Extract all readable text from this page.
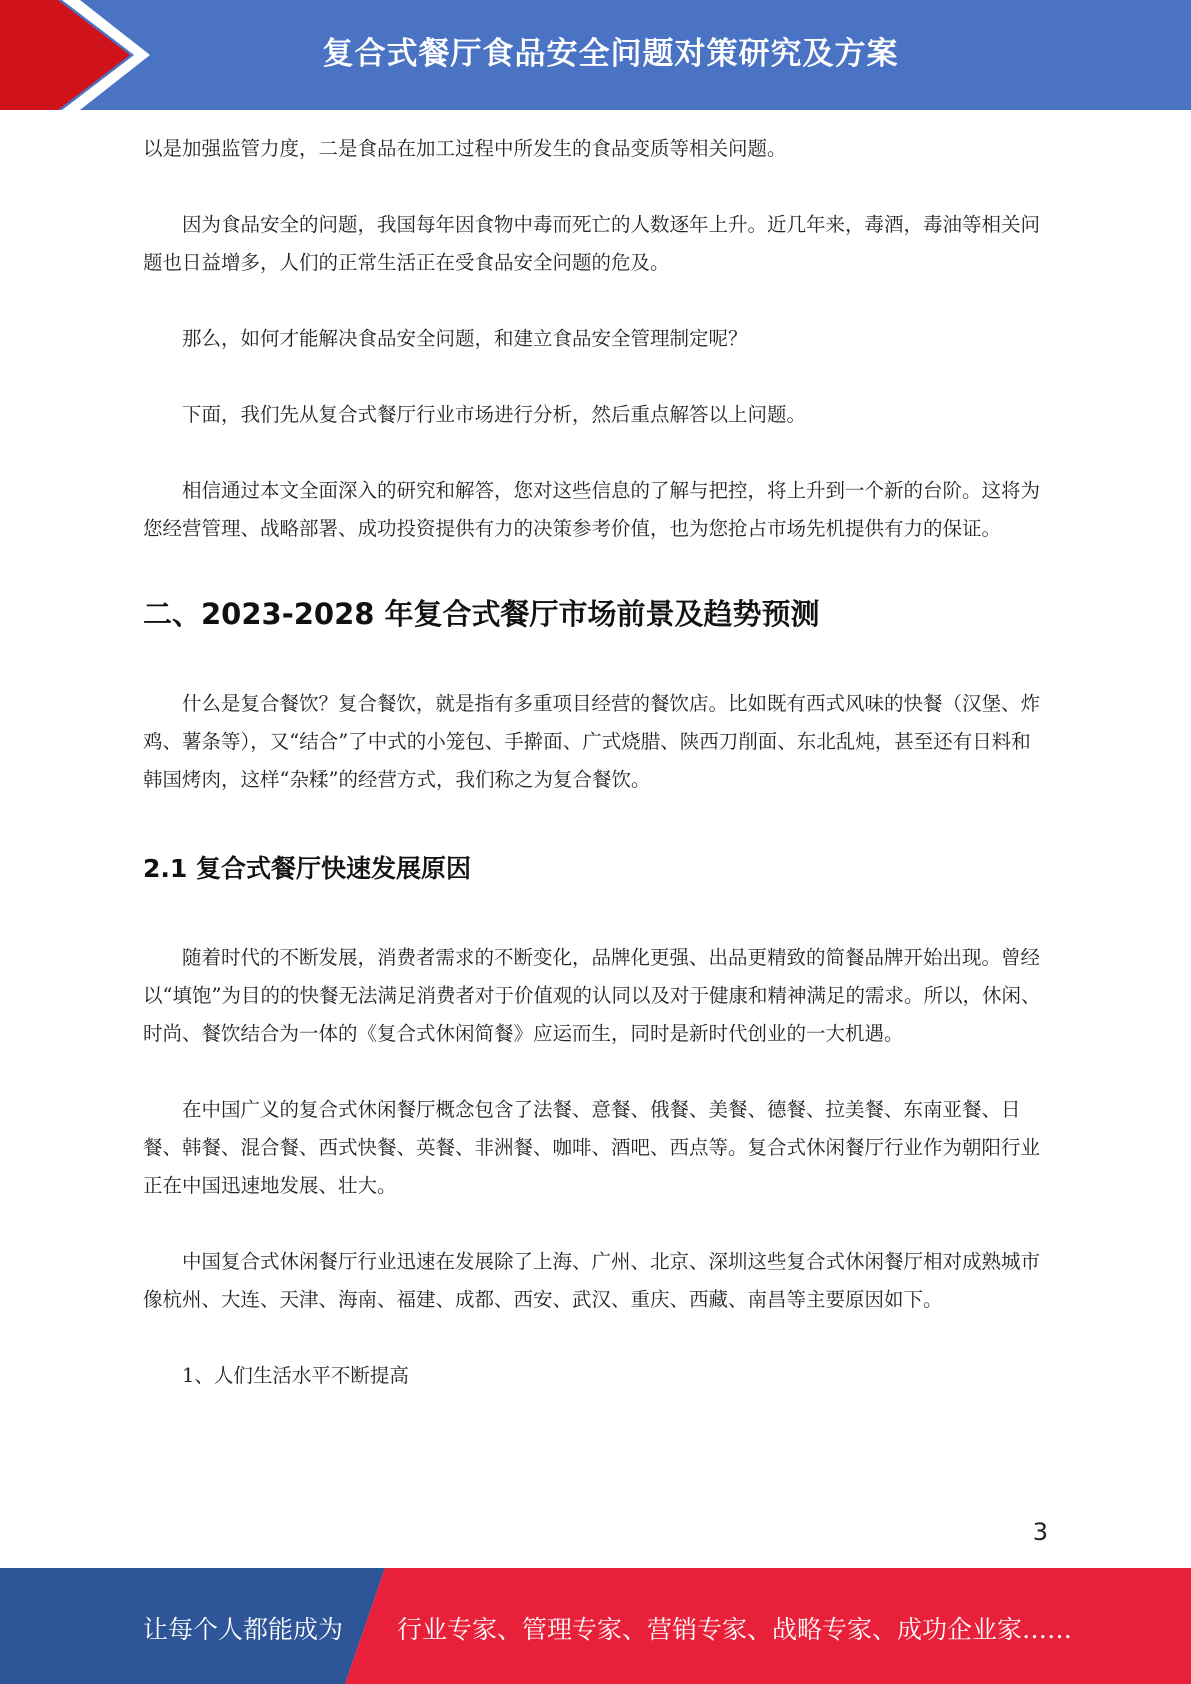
复合式餐厅食品安全问题对策研究及方案

以是加强监管力度，二是食品在加工过程中所发生的食品变质等相关问题。

因为食品安全的问题，我国每年因食物中毒而死亡的人数逐年上升。近几年来，毒酒，毒油等相关问题也日益增多，人们的正常生活正在受食品安全问题的危及。

那么，如何才能解决食品安全问题，和建立食品安全管理制定呢？

下面，我们先从复合式餐厅行业市场进行分析，然后重点解答以上问题。

相信通过本文全面深入的研究和解答，您对这些信息的了解与把控，将上升到一个新的台阶。这将为您经营管理、战略部署、成功投资提供有力的决策参考价值，也为您抢占市场先机提供有力的保证。

二、2023-2028 年复合式餐厅市场前景及趋势预测

什么是复合餐饮？复合餐饮，就是指有多重项目经营的餐饮店。比如既有西式风味的快餐（汉堡、炸鸡、薯条等），又“结合”了中式的小笼包、手擀面、广式烧腊、陕西刀削面、东北乱炖，甚至还有日料和韩国烤肉，这样“杂糅”的经营方式，我们称之为复合餐饮。

2.1 复合式餐厅快速发展原因

随着时代的不断发展，消费者需求的不断变化，品牌化更强、出品更精致的简餐品牌开始出现。曾经以“填饱”为目的的快餐无法满足消费者对于价值观的认同以及对于健康和精神满足的需求。所以，休闲、时尚、餐饮结合为一体的《复合式休闲简餐》应运而生，同时是新时代创业的一大机遇。

在中国广义的复合式休闲餐厅概念包含了法餐、意餐、俄餐、美餐、德餐、拉美餐、东南亚餐、日餐、韩餐、混合餐、西式快餐、英餐、非洲餐、咖啡、酒吧、西点等。复合式休闲餐厅行业作为朝阳行业正在中国迅速地发展、壮大。

中国复合式休闲餐厅行业迅速在发展除了上海、广州、北京、深圳这些复合式休闲餐厅相对成熟城市像杭州、大连、天津、海南、福建、成都、西安、武汉、重庆、西藏、南昌等主要原因如下。

1、人们生活水平不断提高

3
让每个人都能成为 行业专家、管理专家、营销专家、战略专家、成功企业家……
